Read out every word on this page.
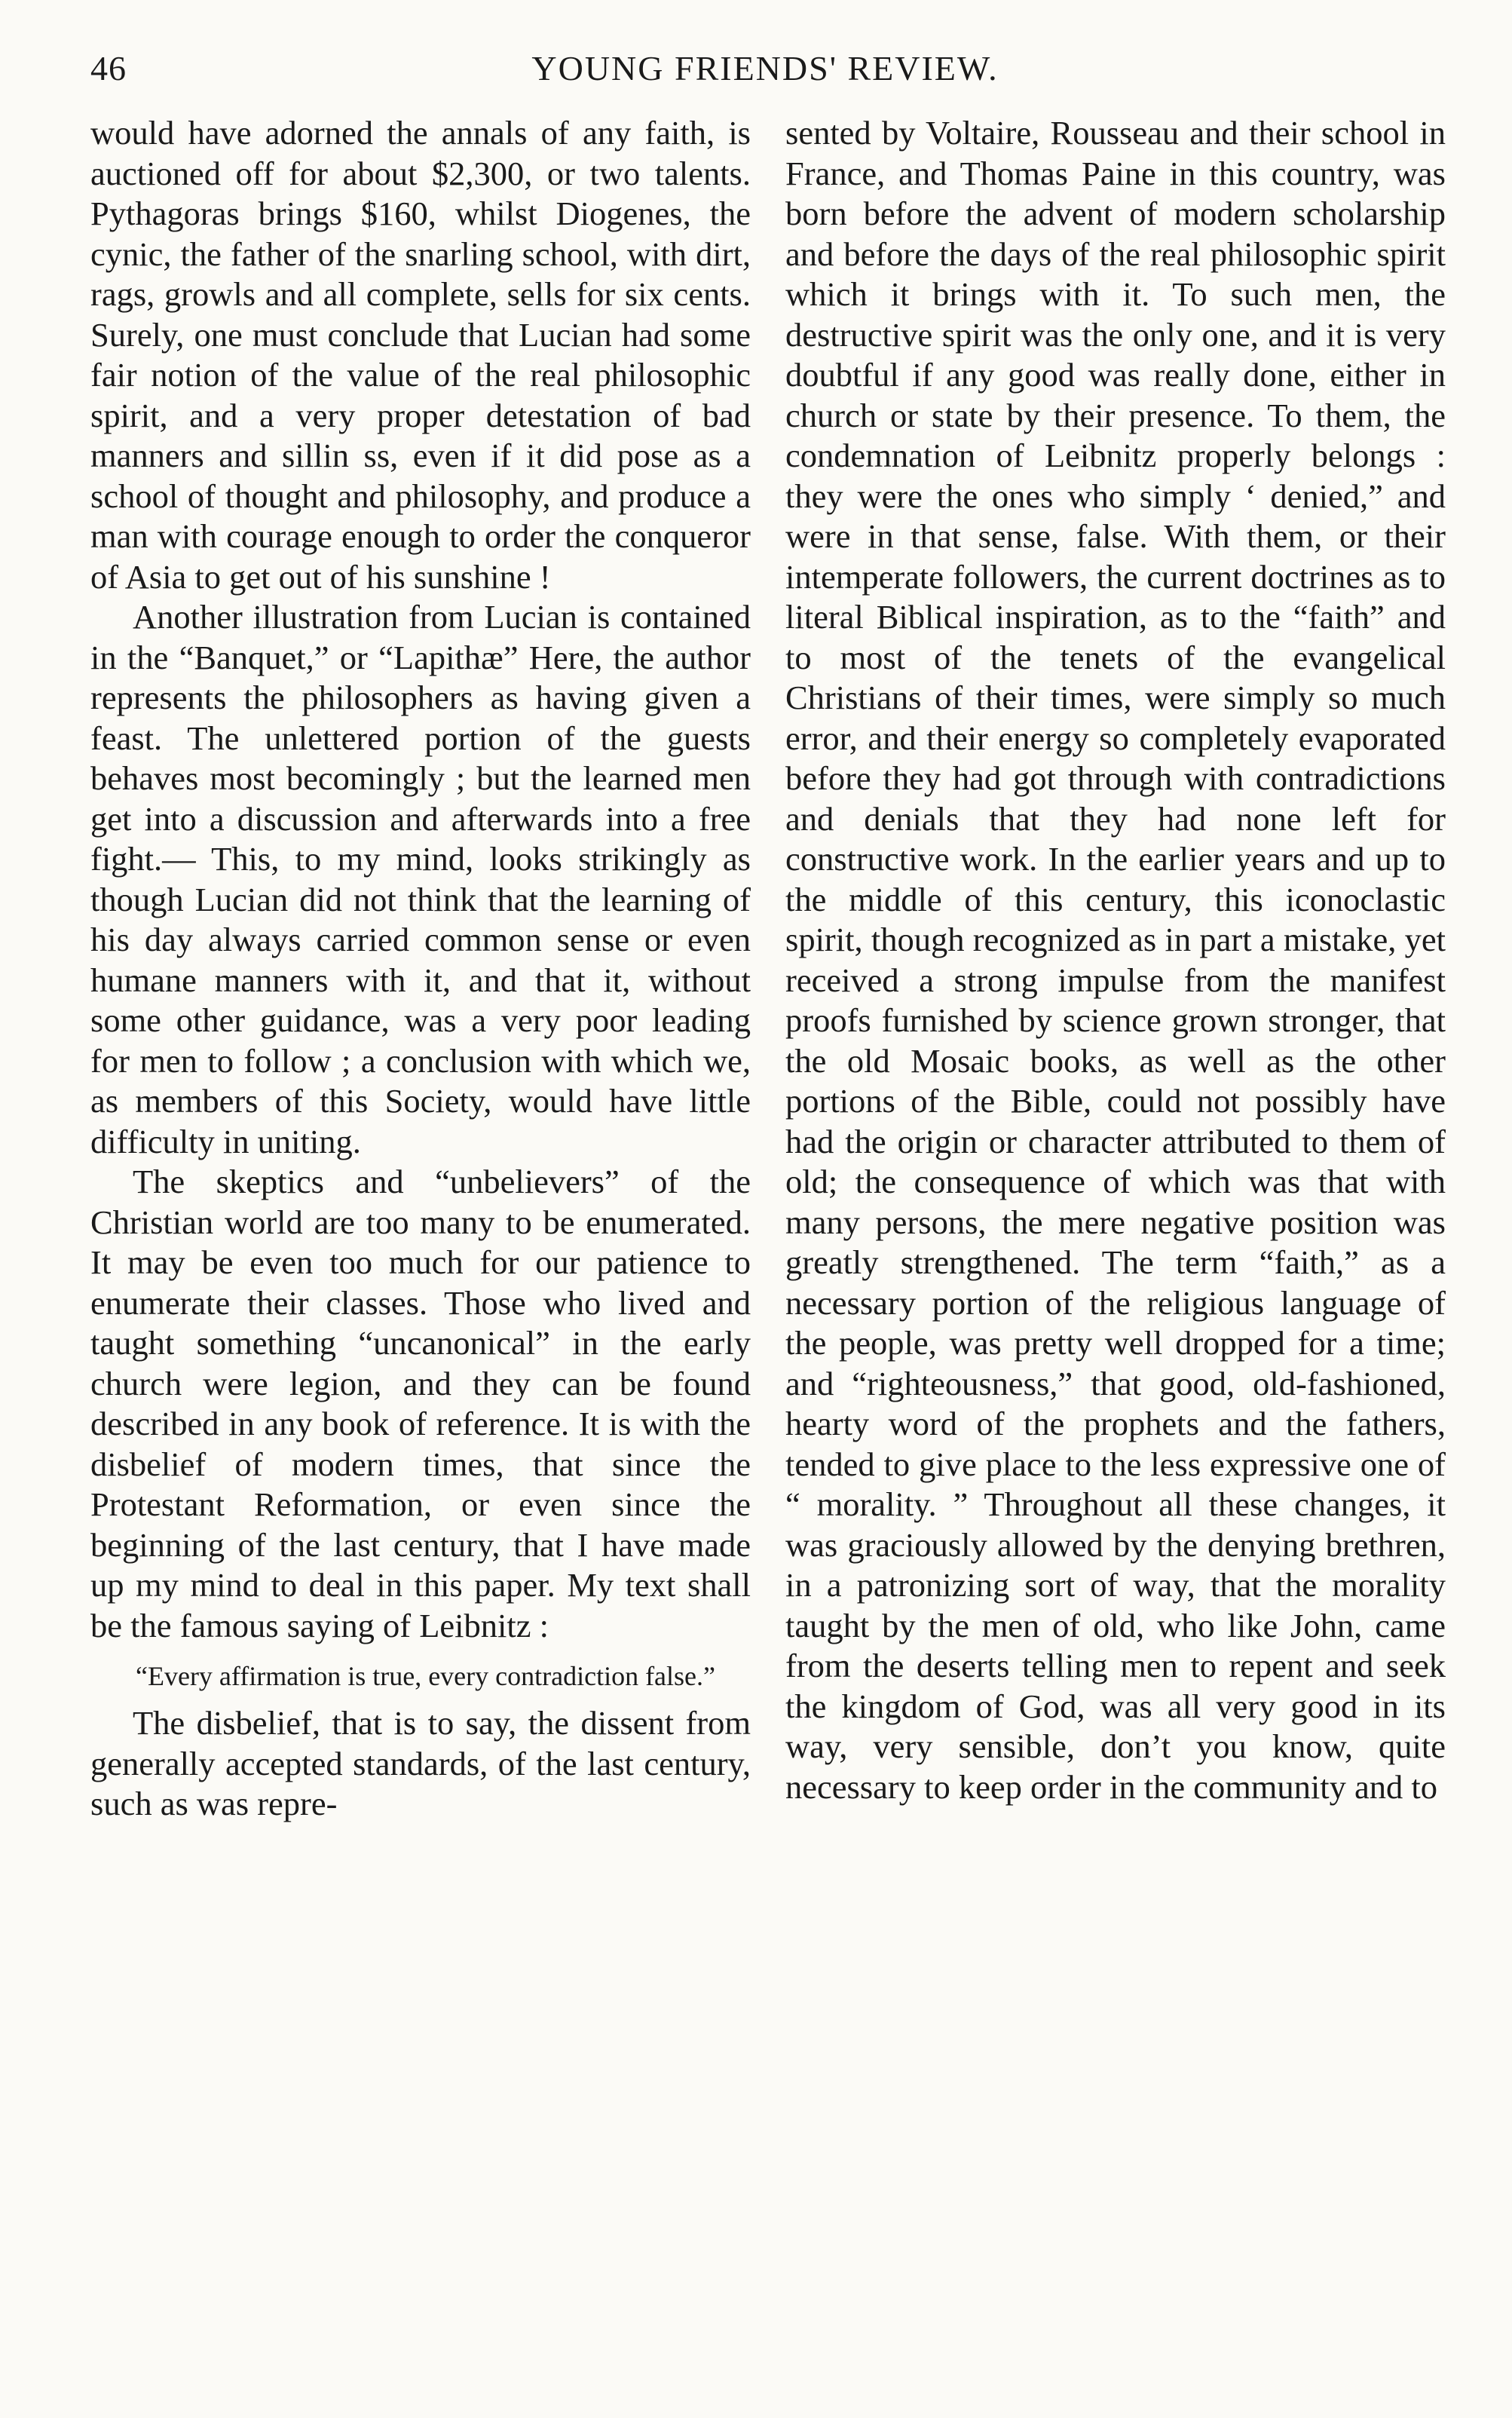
46	YOUNG FRIENDS' REVIEW.

would have adorned the annals of any faith, is auctioned off for about $2,300, or two talents. Pythagoras brings $160, whilst Diogenes, the cynic, the father of the snarling school, with dirt, rags, growls and all complete, sells for six cents. Surely, one must conclude that Lucian had some fair notion of the value of the real philosophic spirit, and a very proper detestation of bad manners and sillin ss, even if it did pose as a school of thought and philosophy, and produce a man with courage enough to order the conqueror of Asia to get out of his sunshine !

Another illustration from Lucian is contained in the “Banquet,” or “Lapithæ” Here, the author represents the philosophers as having given a feast. The unlettered portion of the guests behaves most becomingly ; but the learned men get into a discussion and afterwards into a free fight.— This, to my mind, looks strikingly as though Lucian did not think that the learning of his day always carried common sense or even humane manners with it, and that it, without some other guidance, was a very poor leading for men to follow ; a conclusion with which we, as members of this Society, would have little difficulty in uniting.

The skeptics and “unbelievers” of the Christian world are too many to be enumerated. It may be even too much for our patience to enumerate their classes. Those who lived and taught something “uncanonical” in the early church were legion, and they can be found described in any book of reference. It is with the disbelief of modern times, that since the Protestant Reformation, or even since the beginning of the last century, that I have made up my mind to deal in this paper. My text shall be the famous saying of Leibnitz :

“Every affirmation is true, every contradiction false.”

The disbelief, that is to say, the dissent from generally accepted standards, of the last century, such as was repre-

sented by Voltaire, Rousseau and their school in France, and Thomas Paine in this country, was born before the advent of modern scholarship and before the days of the real philosophic spirit which it brings with it. To such men, the destructive spirit was the only one, and it is very doubtful if any good was really done, either in church or state by their presence. To them, the condemnation of Leibnitz properly belongs : they were the ones who simply ‘ denied,” and were in that sense, false. With them, or their intemperate followers, the current doctrines as to literal Biblical inspiration, as to the “faith” and to most of the tenets of the evangelical Christians of their times, were simply so much error, and their energy so completely evaporated before they had got through with contradictions and denials that they had none left for constructive work. In the earlier years and up to the middle of this century, this iconoclastic spirit, though recognized as in part a mistake, yet received a strong impulse from the manifest proofs furnished by science grown stronger, that the old Mosaic books, as well as the other portions of the Bible, could not possibly have had the origin or character attributed to them of old; the consequence of which was that with many persons, the mere negative position was greatly strengthened. The term “faith,” as a necessary portion of the religious language of the people, was pretty well dropped for a time; and “righteousness,” that good, old-fashioned, hearty word of the prophets and the fathers, tended to give place to the less expressive one of “ morality. ” Throughout all these changes, it was graciously allowed by the denying brethren, in a patronizing sort of way, that the morality taught by the men of old, who like John, came from the deserts telling men to repent and seek the kingdom of God, was all very good in its way, very sensible, don’t you know, quite necessary to keep order in the community and to
